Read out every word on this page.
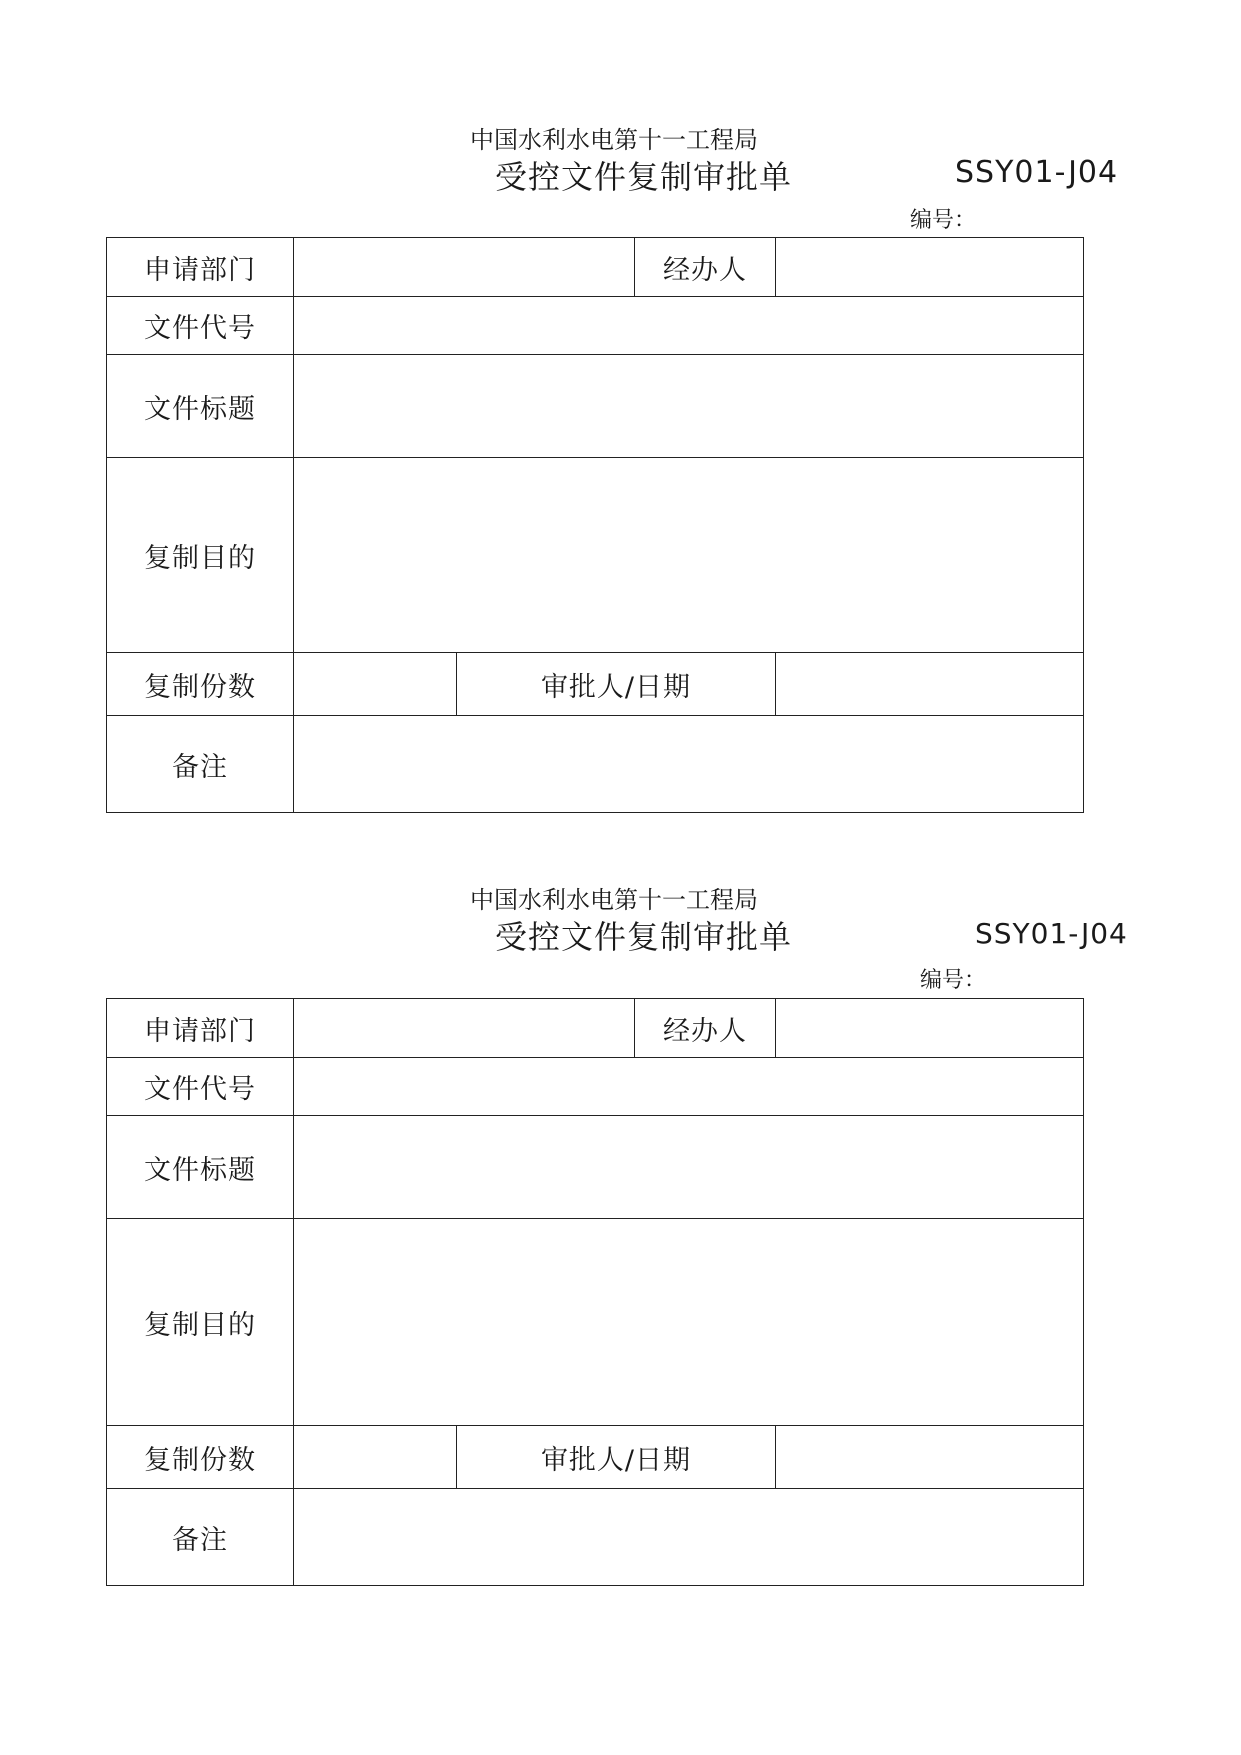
中国水利水电第十一工程局
受控文件复制审批单	SSY01-J04
编号：
申请部门			经办人	
文件代号				
文件标题				
复制目的				
复制份数		审批人/日期		
备注				
中国水利水电第十一工程局
受控文件复制审批单	SSY01-J04
编号：
申请部门			经办人	
文件代号				
文件标题				
复制目的				
复制份数		审批人/日期		
备注				
